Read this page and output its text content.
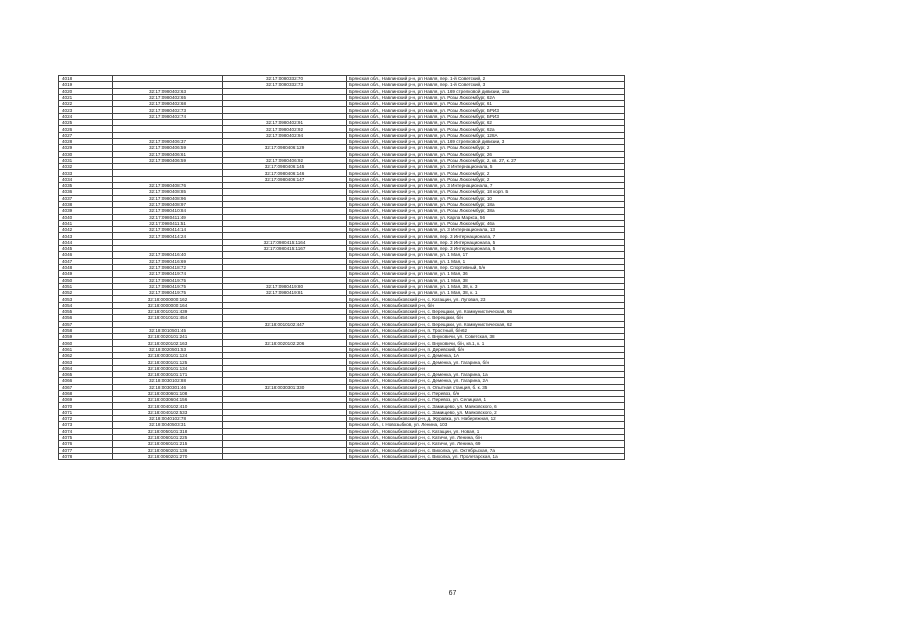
4018		32:17:0080332:70	Брянская обл., Навлинский р-н, рп Навля, пер. 1-й Советский, 2
4019		32:17:0080332:73	Брянская обл., Навлинский р-н, рп Навля, пер. 1-й Советский, 3
4020	32:17:0980402:63		Брянская обл., Навлинский р-н, рп Навля, ул. 169 стрелковой дивизии, 15а
4021	32:17:0980402:65		Брянская обл., Навлинский р-н, рп Навля, ул. Розы Люксембург, 62А
4022	32:17:0980402:68		Брянская обл., Навлинский р-н, рп Навля, ул. Розы Люксембург, 61
4023	32:17:0980402:73		Брянская обл., Навлинский р-н, рп Навля, ул. Розы Люксембург, БРИЗ
4024	32:17:0980402:74		Брянская обл., Навлинский р-н, рп Навля, ул. Розы Люксембург, БРИЗ
4025		32:17:0980402:91	Брянская обл., Навлинский р-н, рп Навля, ул. Розы Люксембург, 62
4026		32:17:0980402:92	Брянская обл., Навлинский р-н, рп Навля, ул. Розы Люксембург, 62а
4027		32:17:0980402:94	Брянская обл., Навлинский р-н, рп Навля, ул. Розы Люксембург, 128А
4028	32:17:0980406:37		Брянская обл., Навлинский р-н, рп Навля, ул. 169 стрелковой дивизии, 3
4029	32:17:0980406:59	32:17:0980406:129	Брянская обл., Навлинский р-н, рп Навля, ул. Розы Люксембург, 2
4030	32:17:0980406:61		Брянская обл., Навлинский р-н, рп Навля, ул. Розы Люксембург, 26
4031	32:17:0980406:59	32:17:0980406:92	Брянская обл., Навлинский р-н, рп Навля, ул. Розы Люксембург, 2, кв. 27, к. 27
4032		32:17:0980406:145	Брянская обл., Навлинский р-н, рп Навля, ул. 3 Интернационала, 5
4033		32:17:0980406:146	Брянская обл., Навлинский р-н, рп Навля, ул. Розы Люксембург, 2
4034		32:17:0980406:147	Брянская обл., Навлинский р-н, рп Навля, ул. Розы Люксембург, 2
4035	32:17:0980408:76		Брянская обл., Навлинский р-н, рп Навля, ул. 3 Интернационала, 7
4036	32:17:0980408:85		Брянская обл., Навлинский р-н, рп Навля, ул. Розы Люксембург, 18 корп. Б
4037	32:17:0980408:96		Брянская обл., Навлинский р-н, рп Навля, ул. Розы Люксембург, 10
4038	32:17:0980408:97		Брянская обл., Навлинский р-н, рп Навля, ул. Розы Люксембург, 18а
4039	32:17:0980410:84		Брянская обл., Навлинский р-н, рп Навля, ул. Розы Люксембург, 38а
4040	32:17:0980411:49		Брянская обл., Навлинский р-н, рп Навля, ул. Карла Маркса, 56
4041	32:17:0980411:51		Брянская обл., Навлинский р-н, рп Навля, ул. Розы Люксембург, 46а
4042	32:17:0980414:14		Брянская обл., Навлинский р-н, рп Навля, ул. 3 Интернационала, 13
4043	32:17:0980414:24		Брянская обл., Навлинский р-н, рп Навля, пер. 3 Интернационала, 7
4044		32:17:0980415:1164	Брянская обл., Навлинский р-н, рп Навля, пер. 3 Интернационала, 5
4045		32:17:0980415:1167	Брянская обл., Навлинский р-н, рп Навля, пер. 3 Интернационала, 5
4046	32:17:0980416:40		Брянская обл., Навлинский р-н, рп Навля, ул. 1 Мая, 17
4047	32:17:0980416:69		Брянская обл., Навлинский р-н, рп Навля, ул. 1 Мая, 1
4048	32:17:0980418:72		Брянская обл., Навлинский р-н, рп Навля, пер. Спортивный, 5/н
4049	32:17:0980419:74		Брянская обл., Навлинский р-н, рп Навля, ул. 1 Мая, 36
4050	32:17:0980419:75		Брянская обл., Навлинский р-н, рп Навля, ул. 1 Мая, 38
4051	32:17:0980419:75	32:17:0980419:80	Брянская обл., Навлинский р-н, рп Навля, ул. 1 Мая, 38, к. 3
4052	32:17:0980419:75	32:17:0980419:81	Брянская обл., Навлинский р-н, рп Навля, ул. 1 Мая, 38, к. 1
4053	32:18:0000000:162		Брянская обл., Новозыбковский р-н, с. Катащин, ул. Луговая, 23
4054	32:18:0000000:164		Брянская обл., Новозыбковский р-н, б/н
4055	32:18:0010101:439		Брянская обл., Новозыбковский р-н, с. Верещаки, ул. Коммунистическая, 66
4056	32:18:0010101:454		Брянская обл., Новозыбковский р-н, с. Верещаки, б/н
4057		32:18:0010102:447	Брянская обл., Новозыбковский р-н, с. Верещаки, ул. Коммунистическая, 62
4058	32:18:0010501:45		Брянская обл., Новозыбковский р-н, п. Тростный, б/н62
4059	32:18:0020101:241		Брянская обл., Новозыбковский р-н, с. Внуковичи, ул. Советская, 38
4060	32:18:0020102:163	32:18:0020102:206	Брянская обл., Новозыбковский р-н, с. Внуковичи, б/н, кв.1, к. 1
4061	32:18:0020501:53		Брянская обл., Новозыбковский р-н, п. Деревский, б/н
4062	32:18:0030101:124		Брянская обл., Новозыбковский р-н, с. Деменка, 1А
4063	32:18:0030101:125		Брянская обл., Новозыбковский р-н, с. Деменка, ул. Гагарина, б/н
4064	32:18:0030101:134		Брянская обл., Новозыбковский р-н
4065	32:18:0030101:171		Брянская обл., Новозыбковский р-н, с. Деменка, ул. Гагарина, 1а
4066	32:18:0030102:88		Брянская обл., Новозыбковский р-н, с. Деменка, ул. Гагарина, 2А
4067	32:18:0030301:46	32:18:0030301:330	Брянская обл., Новозыбковский р-н, п. Опытная станция, б. к. 35
4068	32:18:0030601:108		Брянская обл., Новозыбковский р-н, с. Перевоз, б/н
4069	32:18:0030604:156		Брянская обл., Новозыбковский р-н, с. Перевоз, ул. Селицкая, 1
4070	32:18:0040102:410		Брянская обл., Новозыбковский р-н, с. Замищево, ул. Маяковского, 6
4071	32:18:0040102:533		Брянская обл., Новозыбковский р-н, с. Замищево, ул. Маяковского, 2
4072	32:18:0040102:78		Брянская обл., Новозыбковский р-н, д. Журавка, ул. Набережная, 12
4073	32:18:0040503:31		Брянская обл., г. Новозыбков, ул. Ленина, 103
4074	32:18:0050101:318		Брянская обл., Новозыбковский р-н, с. Катащин, ул. Новая, 1
4075	32:18:0060101:225		Брянская обл., Новозыбковский р-н, с. Катичи, ул. Ленина, б/н
4076	32:18:0060101:215		Брянская обл., Новозыбковский р-н, с. Катичи, ул. Ленина, 69
4077	32:18:0060201:136		Брянская обл., Новозыбковский р-н, с. Вихолка, ул. Октябрьская, 7а
4078	32:18:0060201:270		Брянская обл., Новозыбковский р-н, с. Вихолка, ул. Пролетарская, 1а
67
